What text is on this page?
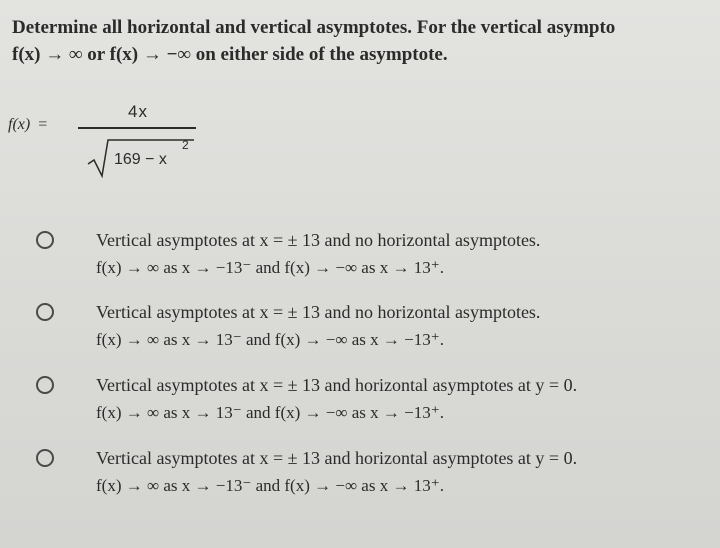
Determine all horizontal and vertical asymptotes. For the vertical asympto
f(x) → ∞ or f(x) → −∞ on either side of the asymptote.
f(x) =
4x
169 − x
2
Vertical asymptotes at x = ± 13 and no horizontal asymptotes.
f(x) → ∞ as x → −13⁻ and f(x) → −∞ as x → 13⁺.
Vertical asymptotes at x = ± 13 and no horizontal asymptotes.
f(x) → ∞ as x → 13⁻ and f(x) → −∞ as x → −13⁺.
Vertical asymptotes at x = ± 13 and horizontal asymptotes at y = 0.
f(x) → ∞ as x → 13⁻ and f(x) → −∞ as x → −13⁺.
Vertical asymptotes at x = ± 13 and horizontal asymptotes at y = 0.
f(x) → ∞ as x → −13⁻ and f(x) → −∞ as x → 13⁺.
